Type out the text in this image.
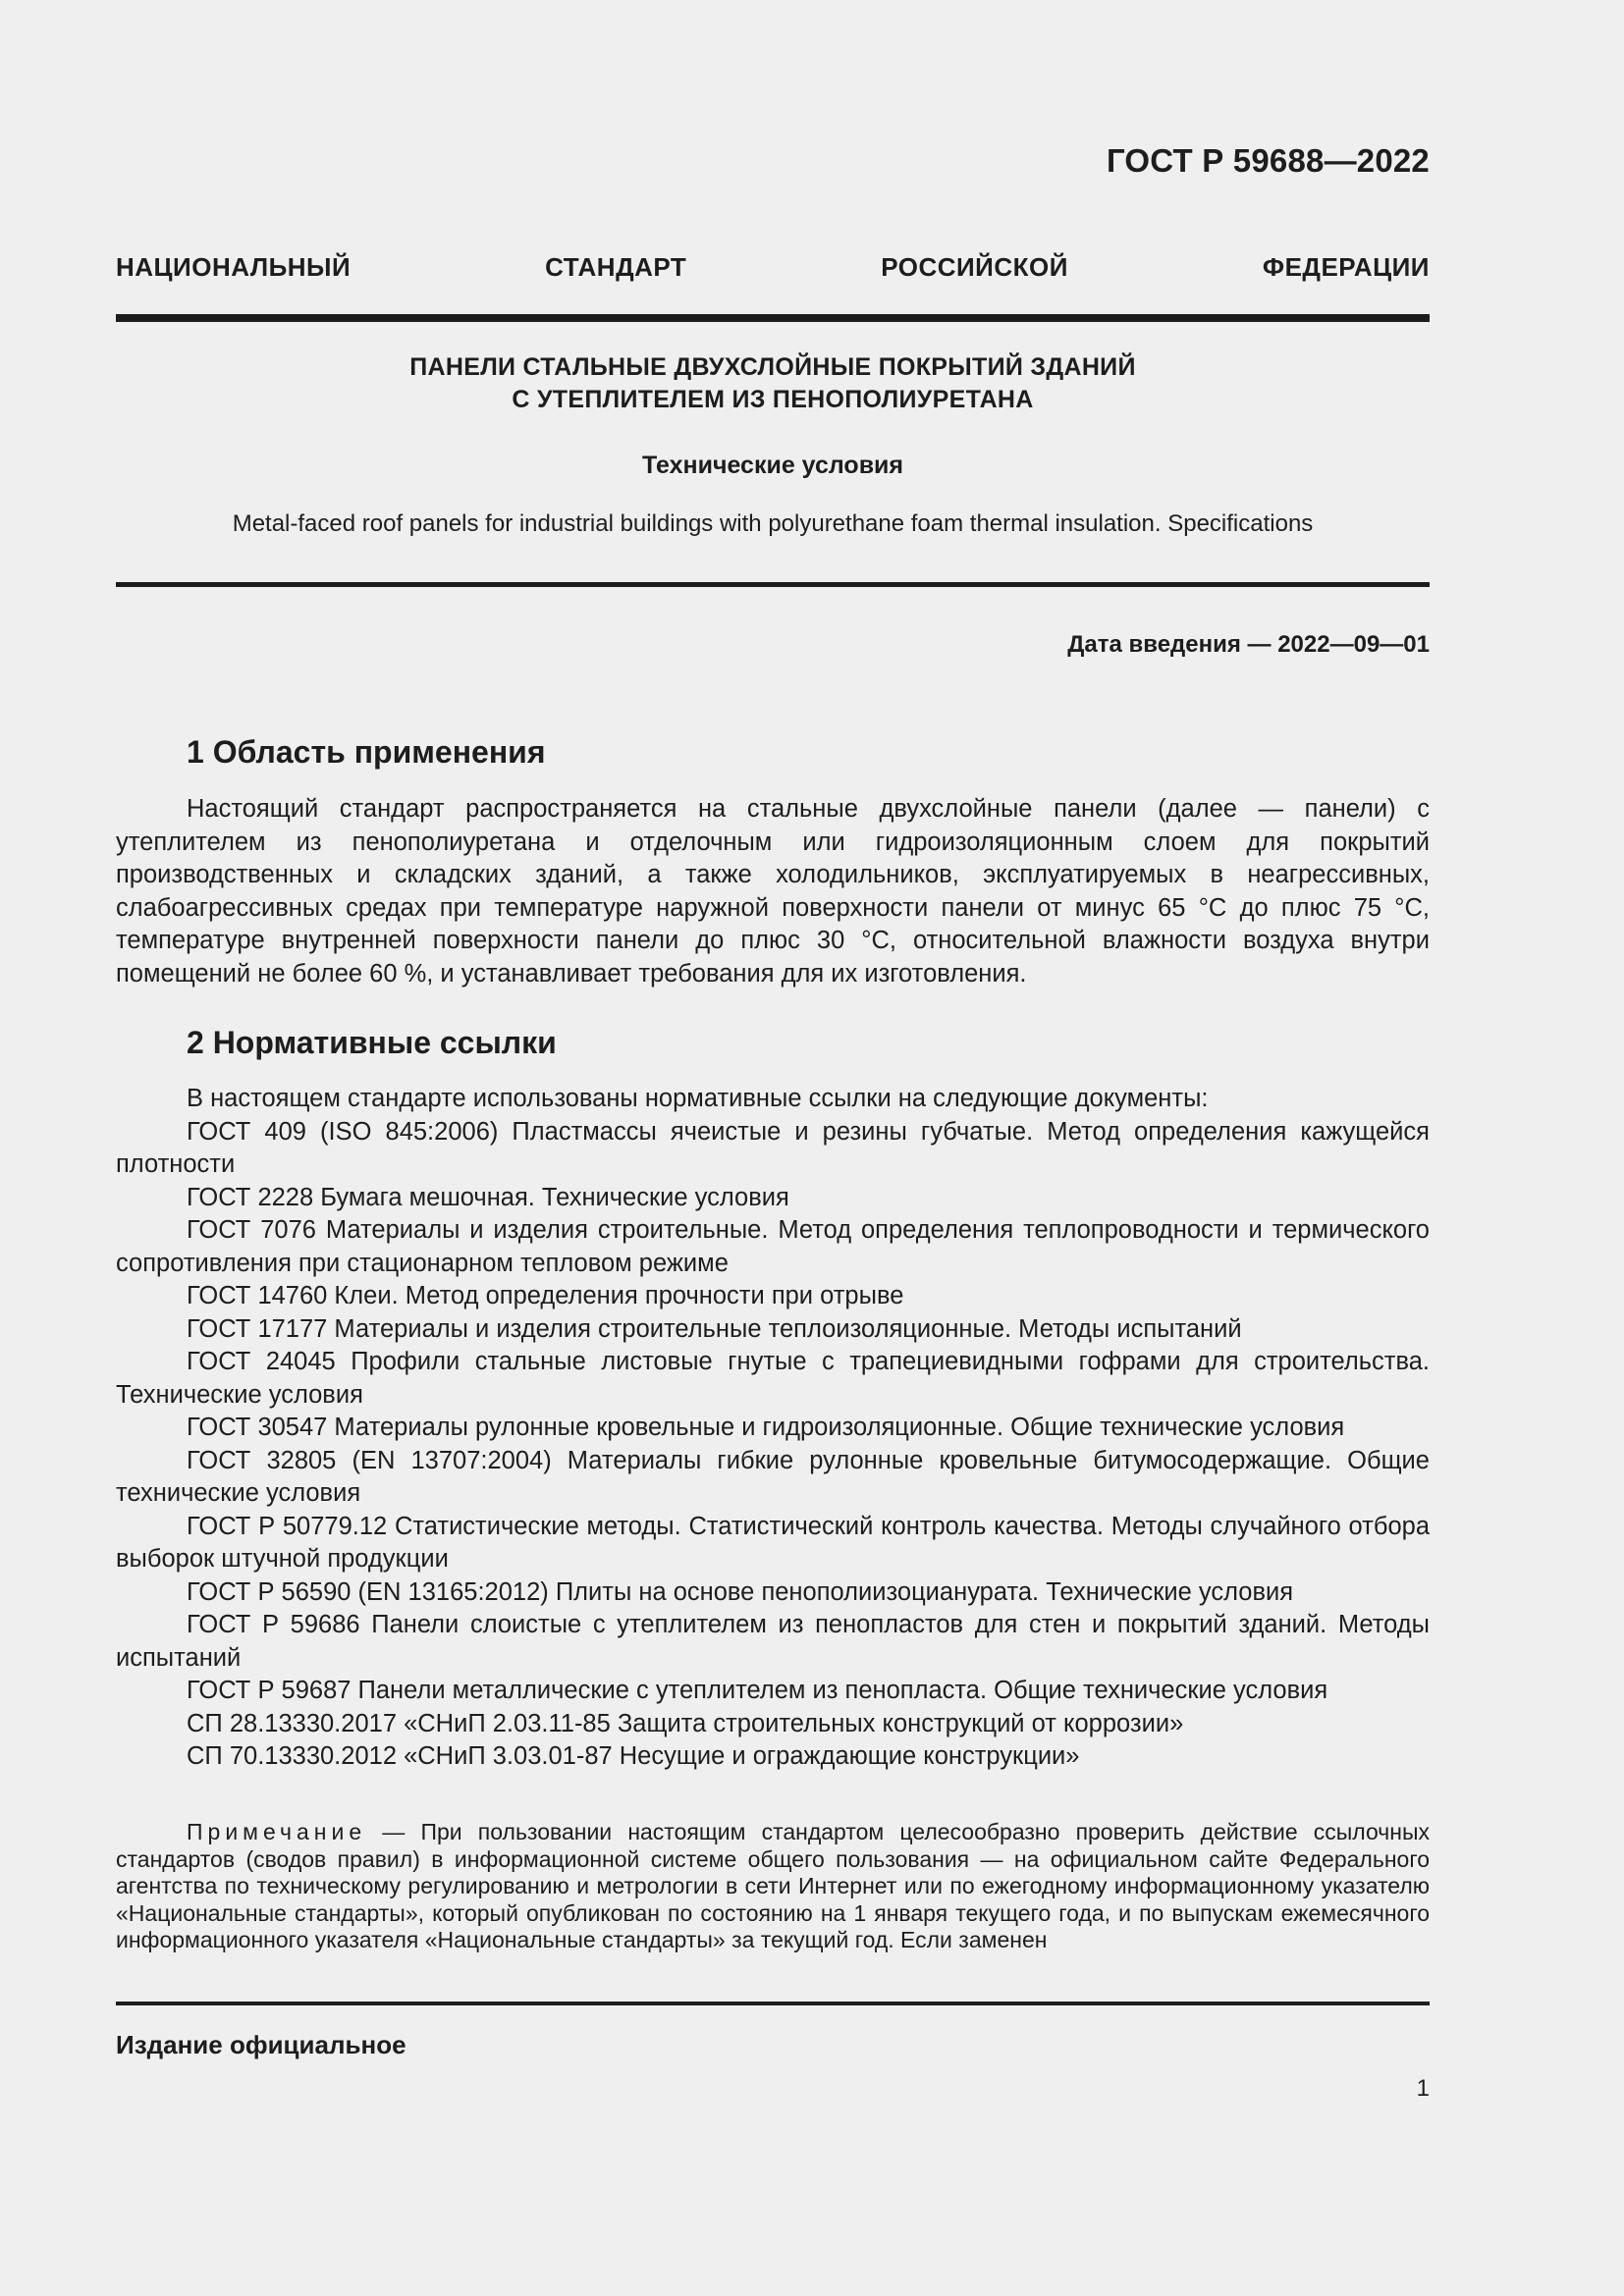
ГОСТ Р 59688—2022
НАЦИОНАЛЬНЫЙ СТАНДАРТ РОССИЙСКОЙ ФЕДЕРАЦИИ
ПАНЕЛИ СТАЛЬНЫЕ ДВУХСЛОЙНЫЕ ПОКРЫТИЙ ЗДАНИЙ
С УТЕПЛИТЕЛЕМ ИЗ ПЕНОПОЛИУРЕТАНА
Технические условия
Metal-faced roof panels for industrial buildings with polyurethane foam thermal insulation. Specifications
Дата введения — 2022—09—01
1 Область применения

Настоящий стандарт распространяется на стальные двухслойные панели (далее — панели) с утеплителем из пенополиуретана и отделочным или гидроизоляционным слоем для покрытий производственных и складских зданий, а также холодильников, эксплуатируемых в неагрессивных, слабоагрессивных средах при температуре наружной поверхности панели от минус 65 °С до плюс 75 °С, температуре внутренней поверхности панели до плюс 30 °С, относительной влажности воздуха внутри помещений не более 60 %, и устанавливает требования для их изготовления.

2 Нормативные ссылки

В настоящем стандарте использованы нормативные ссылки на следующие документы:

ГОСТ 409 (ISO 845:2006) Пластмассы ячеистые и резины губчатые. Метод определения кажущейся плотности

ГОСТ 2228 Бумага мешочная. Технические условия

ГОСТ 7076 Материалы и изделия строительные. Метод определения теплопроводности и термического сопротивления при стационарном тепловом режиме

ГОСТ 14760 Клеи. Метод определения прочности при отрыве

ГОСТ 17177 Материалы и изделия строительные теплоизоляционные. Методы испытаний

ГОСТ 24045 Профили стальные листовые гнутые с трапециевидными гофрами для строительства. Технические условия

ГОСТ 30547 Материалы рулонные кровельные и гидроизоляционные. Общие технические условия

ГОСТ 32805 (EN 13707:2004) Материалы гибкие рулонные кровельные битумосодержащие. Общие технические условия

ГОСТ Р 50779.12 Статистические методы. Статистический контроль качества. Методы случайного отбора выборок штучной продукции

ГОСТ Р 56590 (EN 13165:2012) Плиты на основе пенополиизоцианурата. Технические условия

ГОСТ Р 59686 Панели слоистые с утеплителем из пенопластов для стен и покрытий зданий. Методы испытаний

ГОСТ Р 59687 Панели металлические с утеплителем из пенопласта. Общие технические условия

СП 28.13330.2017 «СНиП 2.03.11-85 Защита строительных конструкций от коррозии»

СП 70.13330.2012 «СНиП 3.03.01-87 Несущие и ограждающие конструкции»

Примечание — При пользовании настоящим стандартом целесообразно проверить действие ссылочных стандартов (сводов правил) в информационной системе общего пользования — на официальном сайте Федерального агентства по техническому регулированию и метрологии в сети Интернет или по ежегодному информационному указателю «Национальные стандарты», который опубликован по состоянию на 1 января текущего года, и по выпускам ежемесячного информационного указателя «Национальные стандарты» за текущий год. Если заменен

Издание официальное
1
